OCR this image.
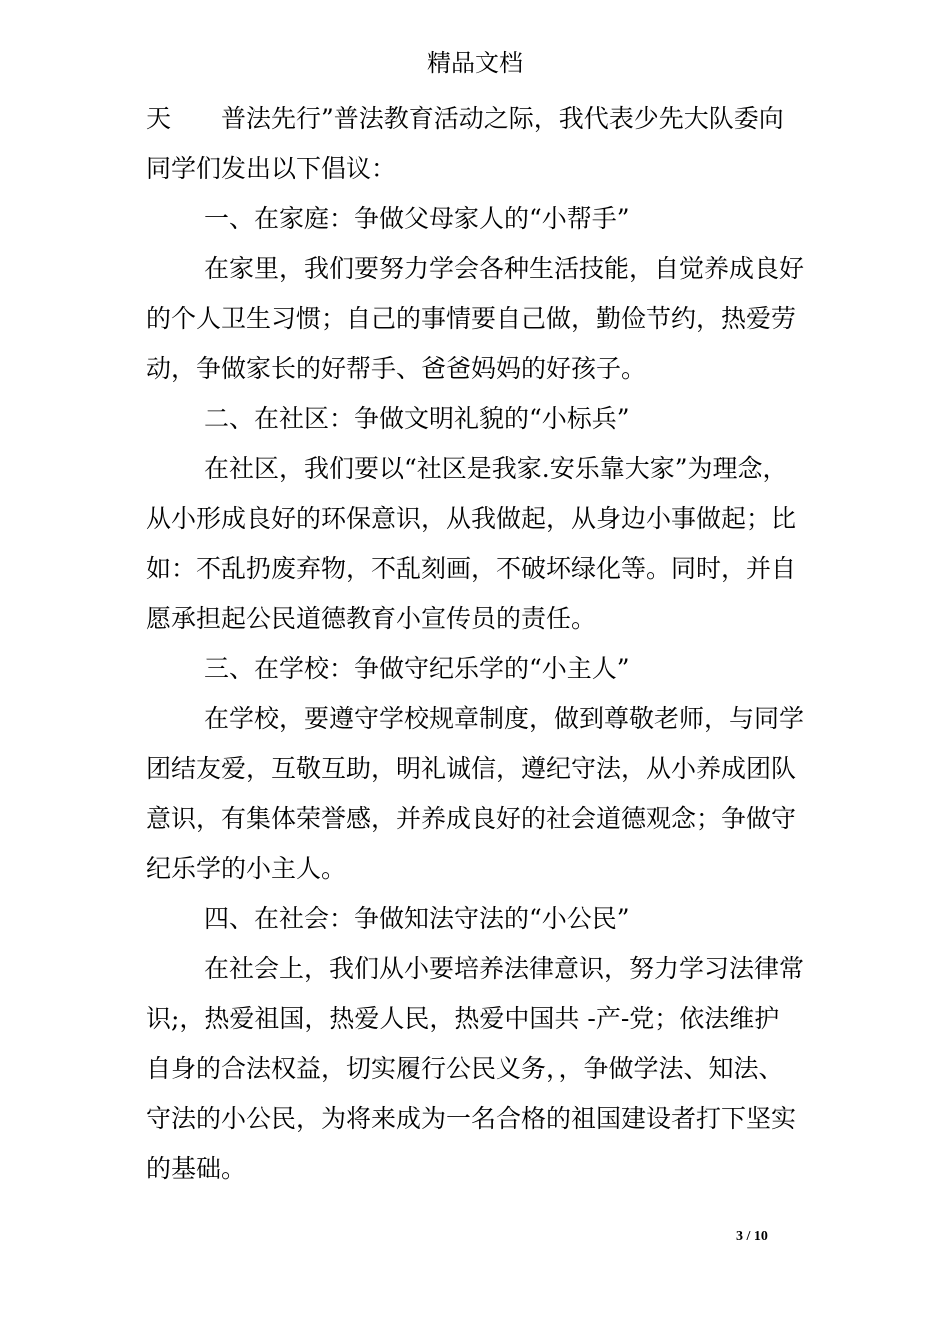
精品文档
天　　普法先行”普法教育活动之际，我代表少先大队委向
同学们发出以下倡议：
一、在家庭：争做父母家人的“小帮手”
在家里，我们要努力学会各种生活技能，自觉养成良好
的个人卫生习惯；自己的事情要自己做，勤俭节约，热爱劳
动，争做家长的好帮手、爸爸妈妈的好孩子。
二、在社区：争做文明礼貌的“小标兵”
在社区，我们要以“社区是我家.安乐靠大家”为理念，
从小形成良好的环保意识，从我做起，从身边小事做起；比
如：不乱扔废弃物，不乱刻画，不破坏绿化等。同时，并自
愿承担起公民道德教育小宣传员的责任。
三、在学校：争做守纪乐学的“小主人”
在学校，要遵守学校规章制度，做到尊敬老师，与同学
团结友爱，互敬互助，明礼诚信，遵纪守法，从小养成团队
意识，有集体荣誉感，并养成良好的社会道德观念；争做守
纪乐学的小主人。
四、在社会：争做知法守法的“小公民”
在社会上，我们从小要培养法律意识，努力学习法律常
识;，热爱祖国，热爱人民，热爱中国共 -产-党；依法维护
自身的合法权益，切实履行公民义务，，争做学法、知法、
守法的小公民，为将来成为一名合格的祖国建设者打下坚实
的基础。
3 / 10
